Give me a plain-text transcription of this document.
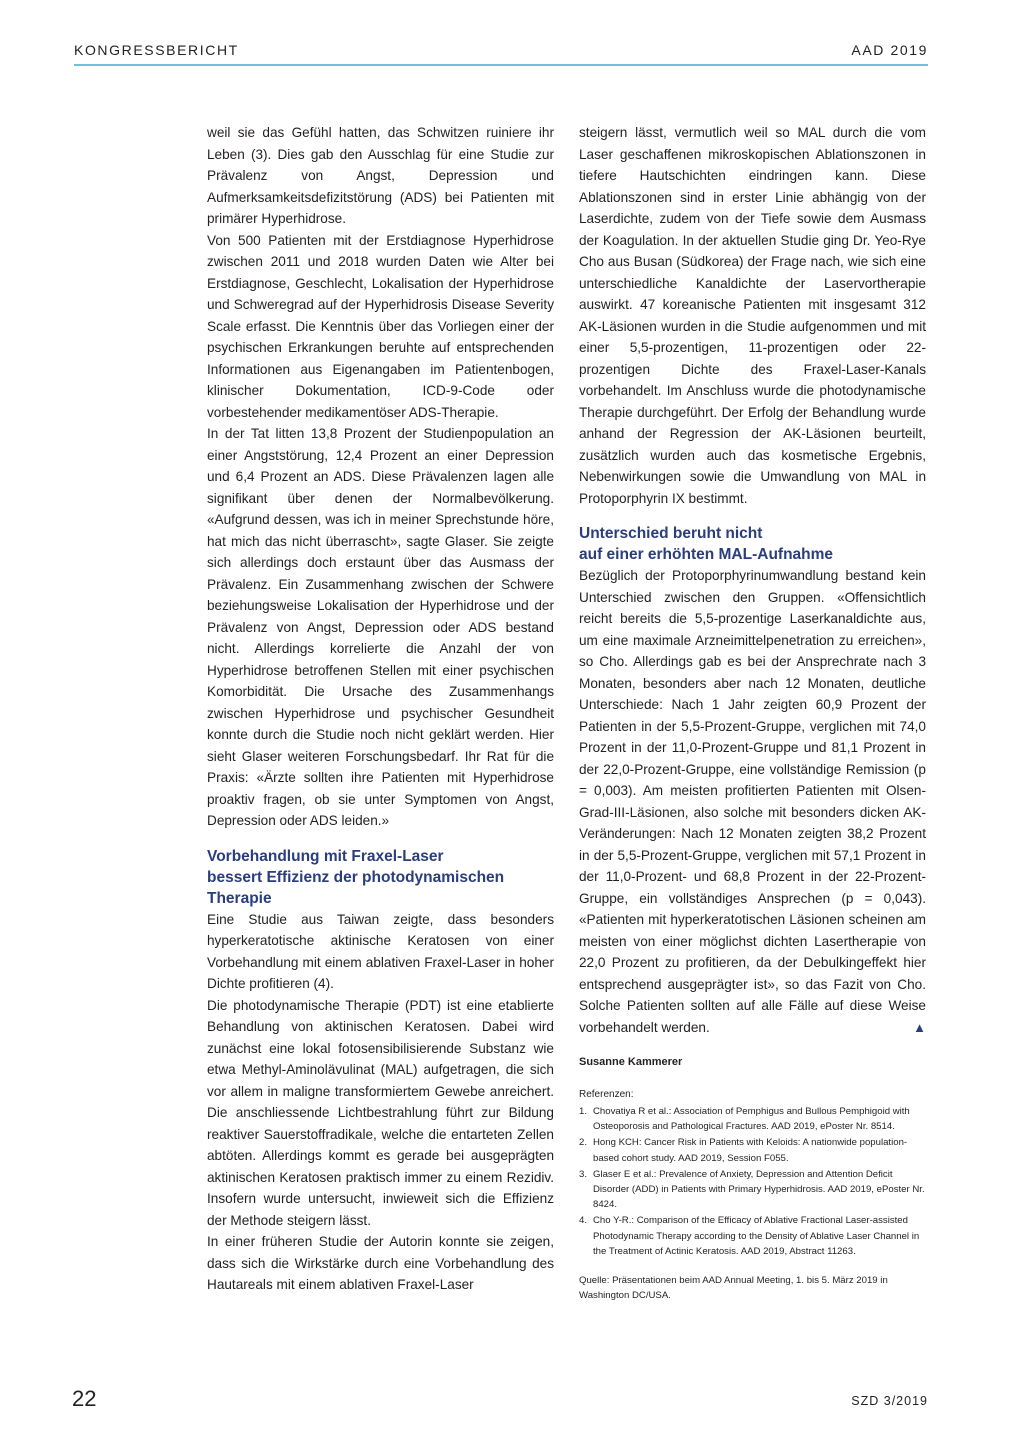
KONGRESSBERICHT	AAD 2019

weil sie das Gefühl hatten, das Schwitzen ruiniere ihr Leben (3). Dies gab den Ausschlag für eine Studie zur Prävalenz von Angst, Depression und Aufmerksamkeitsdefizitstörung (ADS) bei Patienten mit primärer Hyperhidrose.

Von 500 Patienten mit der Erstdiagnose Hyperhidrose zwischen 2011 und 2018 wurden Daten wie Alter bei Erstdiagnose, Geschlecht, Lokalisation der Hyperhidrose und Schweregrad auf der Hyperhidrosis Disease Severity Scale erfasst. Die Kenntnis über das Vorliegen einer der psychischen Erkrankungen beruhte auf entsprechenden Informationen aus Eigenangaben im Patientenbogen, klinischer Dokumentation, ICD-9-Code oder vorbestehender medikamentöser ADS-Therapie.

In der Tat litten 13,8 Prozent der Studienpopulation an einer Angststörung, 12,4 Prozent an einer Depression und 6,4 Prozent an ADS. Diese Prävalenzen lagen alle signifikant über denen der Normalbevölkerung. «Aufgrund dessen, was ich in meiner Sprechstunde höre, hat mich das nicht überrascht», sagte Glaser. Sie zeigte sich allerdings doch erstaunt über das Ausmass der Prävalenz. Ein Zusammenhang zwischen der Schwere beziehungsweise Lokalisation der Hyperhidrose und der Prävalenz von Angst, Depression oder ADS bestand nicht. Allerdings korrelierte die Anzahl der von Hyperhidrose betroffenen Stellen mit einer psychischen Komorbidität. Die Ursache des Zusammenhangs zwischen Hyperhidrose und psychischer Gesundheit konnte durch die Studie noch nicht geklärt werden. Hier sieht Glaser weiteren Forschungsbedarf. Ihr Rat für die Praxis: «Ärzte sollten ihre Patienten mit Hyperhidrose proaktiv fragen, ob sie unter Symptomen von Angst, Depression oder ADS leiden.»

Vorbehandlung mit Fraxel-Laser
bessert Effizienz der photodynamischen Therapie

Eine Studie aus Taiwan zeigte, dass besonders hyperkeratotische aktinische Keratosen von einer Vorbehandlung mit einem ablativen Fraxel-Laser in hoher Dichte profitieren (4).

Die photodynamische Therapie (PDT) ist eine etablierte Behandlung von aktinischen Keratosen. Dabei wird zunächst eine lokal fotosensibilisierende Substanz wie etwa Methyl-Aminolävulinat (MAL) aufgetragen, die sich vor allem in maligne transformiertem Gewebe anreichert. Die anschliessende Lichtbestrahlung führt zur Bildung reaktiver Sauerstoffradikale, welche die entarteten Zellen abtöten. Allerdings kommt es gerade bei ausgeprägten aktinischen Keratosen praktisch immer zu einem Rezidiv. Insofern wurde untersucht, inwieweit sich die Effizienz der Methode steigern lässt.

In einer früheren Studie der Autorin konnte sie zeigen, dass sich die Wirkstärke durch eine Vorbehandlung des Hautareals mit einem ablativen Fraxel-Laser

steigern lässt, vermutlich weil so MAL durch die vom Laser geschaffenen mikroskopischen Ablationszonen in tiefere Hautschichten eindringen kann. Diese Ablationszonen sind in erster Linie abhängig von der Laserdichte, zudem von der Tiefe sowie dem Ausmass der Koagulation. In der aktuellen Studie ging Dr. Yeo-Rye Cho aus Busan (Südkorea) der Frage nach, wie sich eine unterschiedliche Kanaldichte der Laservortherapie auswirkt. 47 koreanische Patienten mit insgesamt 312 AK-Läsionen wurden in die Studie aufgenommen und mit einer 5,5-prozentigen, 11-prozentigen oder 22-prozentigen Dichte des Fraxel-Laser-Kanals vorbehandelt. Im Anschluss wurde die photodynamische Therapie durchgeführt. Der Erfolg der Behandlung wurde anhand der Regression der AK-Läsionen beurteilt, zusätzlich wurden auch das kosmetische Ergebnis, Nebenwirkungen sowie die Umwandlung von MAL in Protoporphyrin IX bestimmt.

Unterschied beruht nicht
auf einer erhöhten MAL-Aufnahme

Bezüglich der Protoporphyrinumwandlung bestand kein Unterschied zwischen den Gruppen. «Offensichtlich reicht bereits die 5,5-prozentige Laserkanaldichte aus, um eine maximale Arzneimittelpenetration zu erreichen», so Cho. Allerdings gab es bei der Ansprechrate nach 3 Monaten, besonders aber nach 12 Monaten, deutliche Unterschiede: Nach 1 Jahr zeigten 60,9 Prozent der Patienten in der 5,5-Prozent-Gruppe, verglichen mit 74,0 Prozent in der 11,0-Prozent-Gruppe und 81,1 Prozent in der 22,0-Prozent-Gruppe, eine vollständige Remission (p = 0,003). Am meisten profitierten Patienten mit Olsen-Grad-III-Läsionen, also solche mit besonders dicken AK-Veränderungen: Nach 12 Monaten zeigten 38,2 Prozent in der 5,5-Prozent-Gruppe, verglichen mit 57,1 Prozent in der 11,0-Prozent- und 68,8 Prozent in der 22-Prozent-Gruppe, ein vollständiges Ansprechen (p = 0,043). «Patienten mit hyperkeratotischen Läsionen scheinen am meisten von einer möglichst dichten Lasertherapie von 22,0 Prozent zu profitieren, da der Debulkingeffekt hier entsprechend ausgeprägter ist», so das Fazit von Cho. Solche Patienten sollten auf alle Fälle auf diese Weise vorbehandelt werden.	▲

Susanne Kammerer

Referenzen:

1. Chovatiya R et al.: Association of Pemphigus and Bullous Pemphigoid with Osteoporosis and Pathological Fractures. AAD 2019, ePoster Nr. 8514.
2. Hong KCH: Cancer Risk in Patients with Keloids: A nationwide population-based cohort study. AAD 2019, Session F055.
3. Glaser E et al.: Prevalence of Anxiety, Depression and Attention Deficit Disorder (ADD) in Patients with Primary Hyperhidrosis. AAD 2019, ePoster Nr. 8424.
4. Cho Y-R.: Comparison of the Efficacy of Ablative Fractional Laser-assisted Photodynamic Therapy according to the Density of Ablative Laser Channel in the Treatment of Actinic Keratosis. AAD 2019, Abstract 11263.

Quelle: Präsentationen beim AAD Annual Meeting, 1. bis 5. März 2019 in Washington DC/USA.

22	SZD 3/2019
